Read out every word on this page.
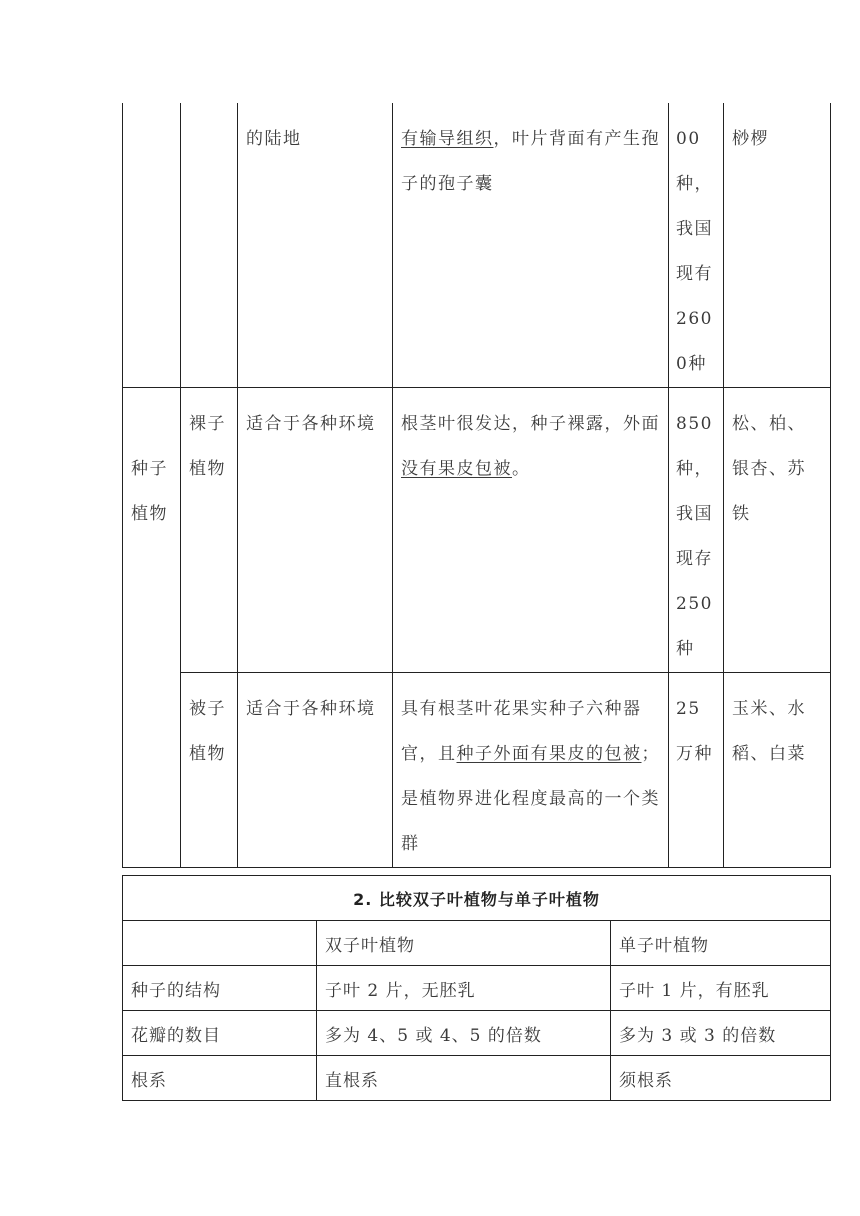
		的陆地	有输导组织，叶片背面有产生孢子的孢子囊	00种，我国现有2600种	桫椤
种子植物	裸子植物	适合于各种环境	根茎叶很发达，种子裸露，外面没有果皮包被。	850种，我国现存250种	松、柏、银杏、苏铁
	被子植物	适合于各种环境	具有根茎叶花果实种子六种器官，且种子外面有果皮的包被；是植物界进化程度最高的一个类群	25万种	玉米、水稻、白菜
2. 比较双子叶植物与单子叶植物		
	双子叶植物	单子叶植物
种子的结构	子叶 2 片，无胚乳	子叶 1 片，有胚乳
花瓣的数目	多为 4、5 或 4、5 的倍数	多为 3 或 3 的倍数
根系	直根系	须根系
